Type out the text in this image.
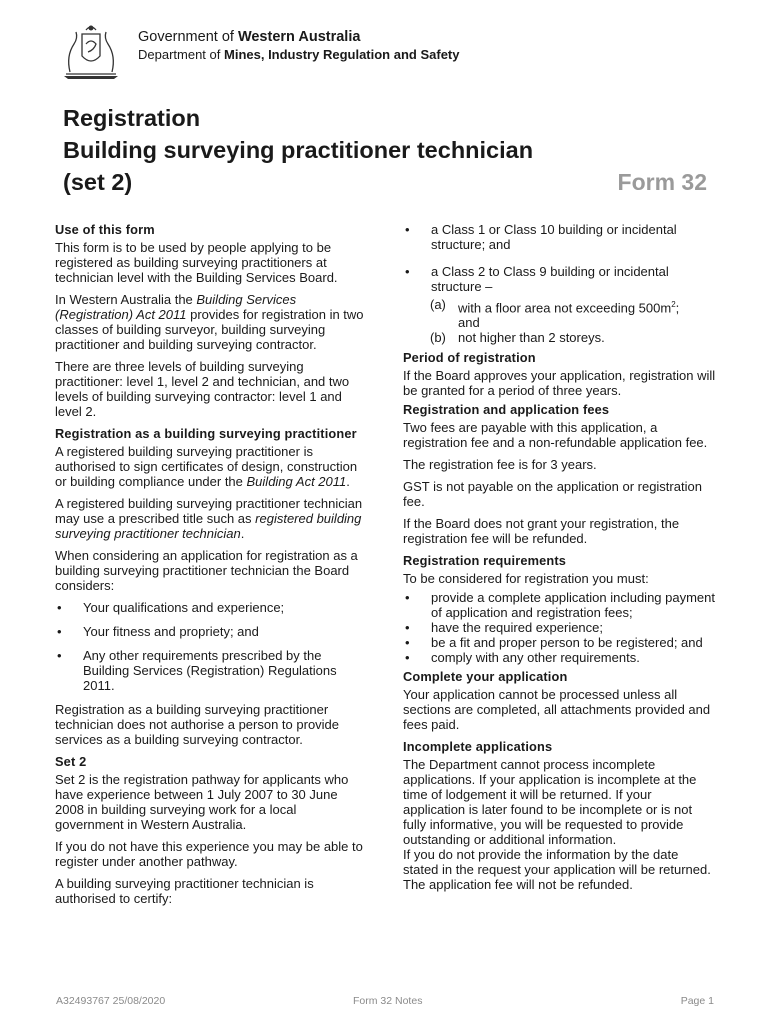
Government of Western Australia
Department of Mines, Industry Regulation and Safety
Registration
Building surveying practitioner technician
(set 2)	Form 32
Use of this form

This form is to be used by people applying to be registered as building surveying practitioners at technician level with the Building Services Board.

In Western Australia the Building Services (Registration) Act 2011 provides for registration in two classes of building surveyor, building surveying practitioner and building surveying contractor.

There are three levels of building surveying practitioner: level 1, level 2 and technician, and two levels of building surveying contractor: level 1 and level 2.

Registration as a building surveying practitioner

A registered building surveying practitioner is authorised to sign certificates of design, construction or building compliance under the Building Act 2011.

A registered building surveying practitioner technician may use a prescribed title such as registered building surveying practitioner technician.

When considering an application for registration as a building surveying practitioner technician the Board considers:

• Your qualifications and experience;
• Your fitness and propriety; and
• Any other requirements prescribed by the Building Services (Registration) Regulations 2011.

Registration as a building surveying practitioner technician does not authorise a person to provide services as a building surveying contractor.

Set 2

Set 2 is the registration pathway for applicants who have experience between 1 July 2007 to 30 June 2008 in building surveying work for a local government in Western Australia.

If you do not have this experience you may be able to register under another pathway.

A building surveying practitioner technician is authorised to certify:

• a Class 1 or Class 10 building or incidental structure; and
• a Class 2 to Class 9 building or incidental structure –
(a) with a floor area not exceeding $500m^2$;
and
(b) not higher than 2 storeys.
Period of registration

If the Board approves your application, registration will be granted for a period of three years.

Registration and application fees

Two fees are payable with this application, a registration fee and a non-refundable application fee.

The registration fee is for 3 years.

GST is not payable on the application or registration fee.

If the Board does not grant your registration, the registration fee will be refunded.

Registration requirements

To be considered for registration you must:

• provide a complete application including payment of application and registration fees;
• have the required experience;
• be a fit and proper person to be registered; and
• comply with any other requirements.
Complete your application

Your application cannot be processed unless all sections are completed, all attachments provided and fees paid.

Incomplete applications

The Department cannot process incomplete applications. If your application is incomplete at the time of lodgement it will be returned. If your application is later found to be incomplete or is not fully informative, you will be requested to provide outstanding or additional information.

If you do not provide the information by the date stated in the request your application will be returned. The application fee will not be refunded.

A32493767 25/08/2020	Form 32 Notes	Page 1
